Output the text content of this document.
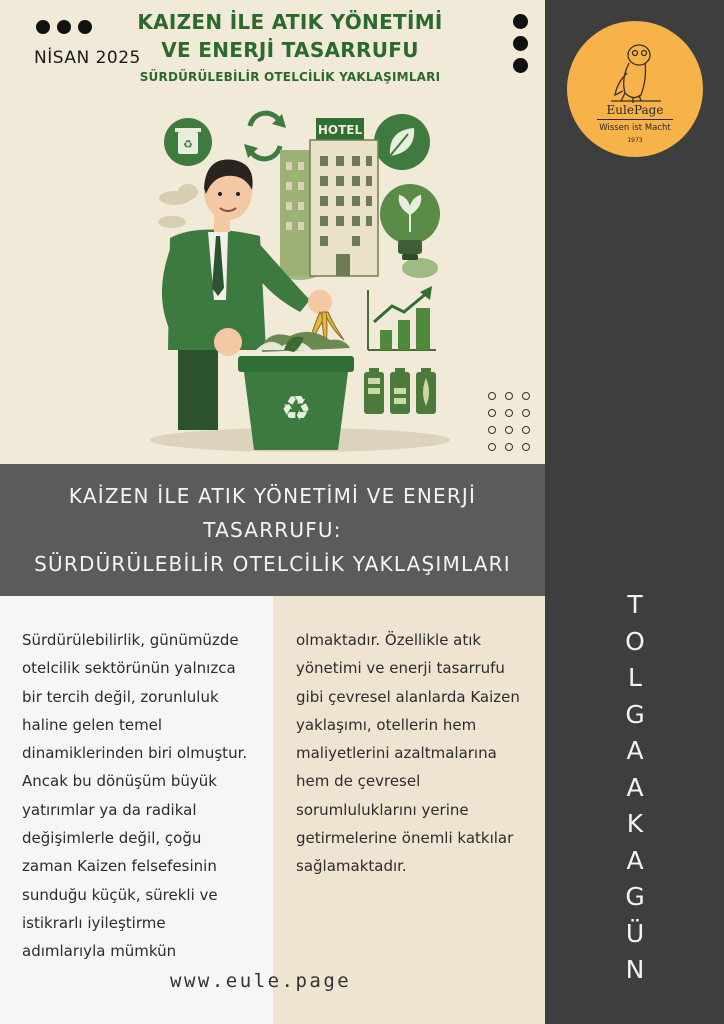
♻
HOTEL
♻
NİSAN 2025
KAIZEN İLE ATIK YÖNETİMİ
VE ENERJİ TASARRUFU
SÜRDÜRÜLEBİLİR OTELCİLİK YAKLAŞIMLARI
EulePage
Wissen ist Macht
1973
KAİZEN İLE ATIK YÖNETİMİ VE ENERJİ TASARRUFU:
SÜRDÜRÜLEBİLİR OTELCİLİK YAKLAŞIMLARI
Sürdürülebilirlik, günümüzde
otelcilik sektörünün yalnızca
bir tercih değil, zorunluluk
haline gelen temel
dinamiklerinden biri olmuştur.
Ancak bu dönüşüm büyük
yatırımlar ya da radikal
değişimlerle değil, çoğu
zaman Kaizen felsefesinin
sunduğu küçük, sürekli ve
istikrarlı iyileştirme
adımlarıyla mümkün
olmaktadır. Özellikle atık
yönetimi ve enerji tasarrufu
gibi çevresel alanlarda Kaizen
yaklaşımı, otellerin hem
maliyetlerini azaltmalarına
hem de çevresel
sorumluluklarını yerine
getirmelerine önemli katkılar
sağlamaktadır.
www.eule.page
T
O
L
G
A
A
K
A
G
Ü
N
